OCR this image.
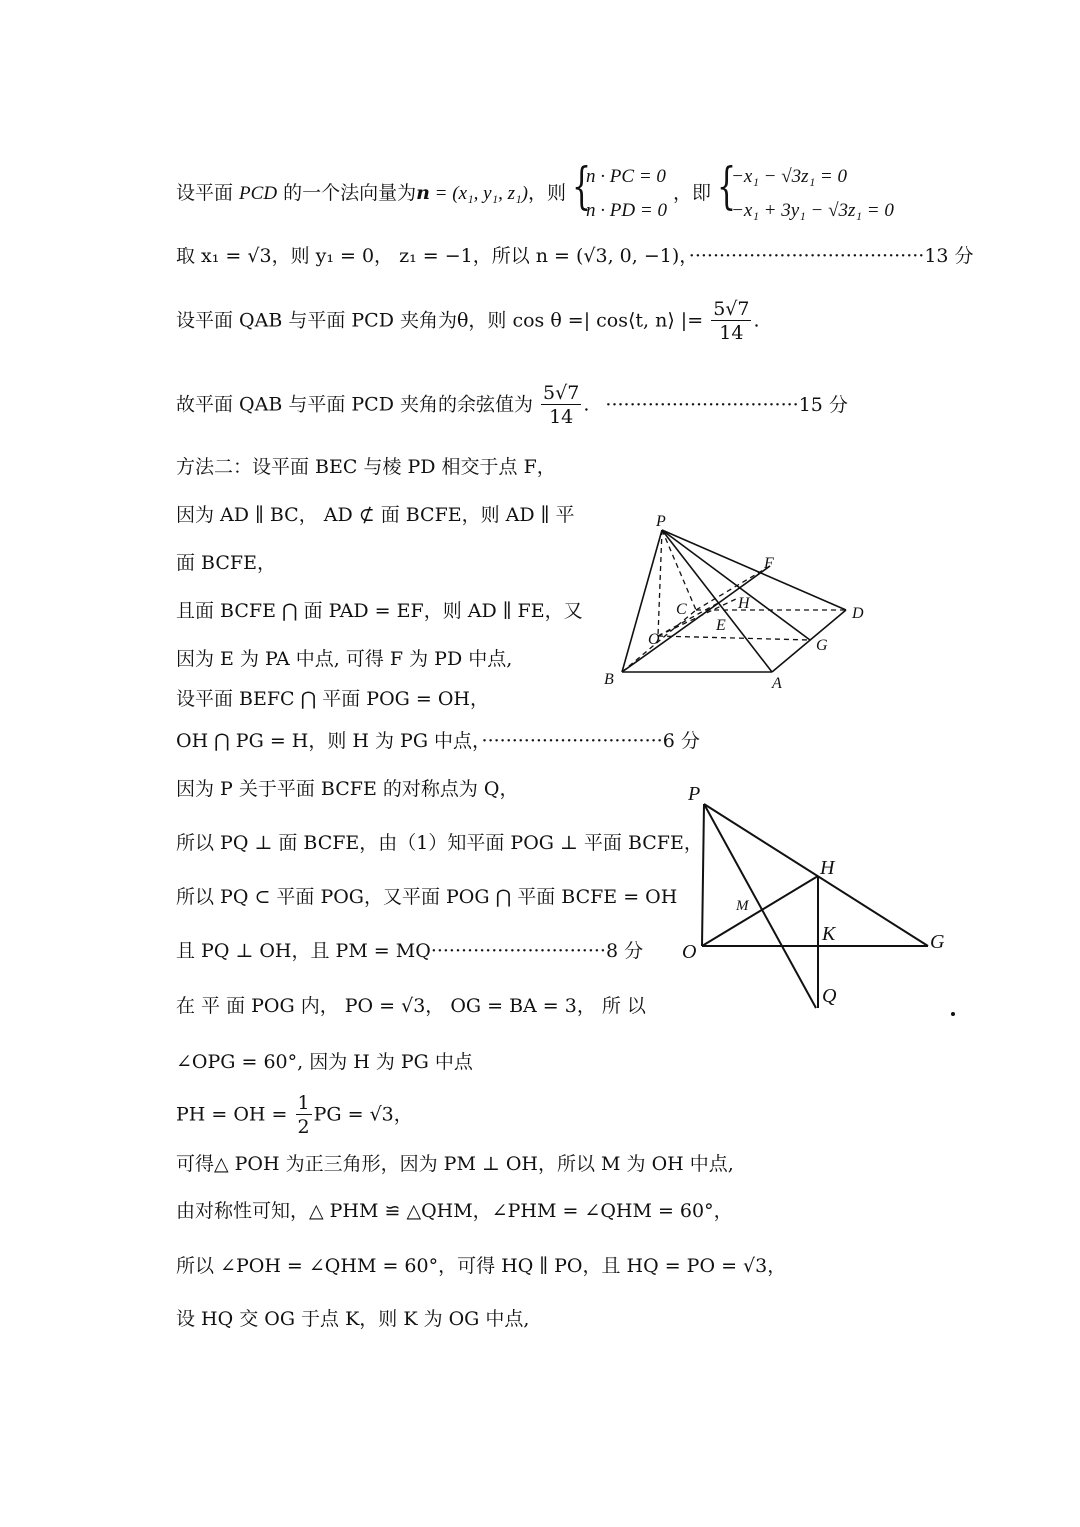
设平面 PCD 的一个法向量为n = (x₁, y₁, z₁)，则 {
n · PC = 0
n · PD = 0
，即 {
−x₁ − √3z₁ = 0
−x₁ + 3y₁ − √3z₁ = 0
取 x₁ = √3，则 y₁ = 0， z₁ = −1，所以 n = (√3, 0, −1)，·······································13 分
设平面 QAB 与平面 PCD 夹角为θ，则 cos θ =| cos⟨t, n⟩ |= $\frac{5√7}{14}$ .
故平面 QAB 与平面 PCD 夹角的余弦值为 $\frac{5√7}{14}$ . ································15 分
方法二：设平面 BEC 与棱 PD 相交于点 F，
因为 AD ∥ BC， AD ⊄ 面 BCFE，则 AD ∥ 平
面 BCFE，
且面 BCFE ⋂ 面 PAD = EF，则 AD ∥ FE，又
因为 E 为 PA 中点, 可得 F 为 PD 中点,
设平面 BEFC ⋂ 平面 POG = OH，
OH ⋂ PG = H，则 H 为 PG 中点，······························6 分
因为 P 关于平面 BCFE 的对称点为 Q，
所以 PQ ⊥ 面 BCFE，由（1）知平面 POG ⊥ 平面 BCFE，
所以 PQ ⊂ 平面 POG，又平面 POG ⋂ 平面 BCFE = OH
且 PQ ⊥ OH，且 PM = MQ·····························8 分
在 平 面 POG 内， PO = √3， OG = BA = 3， 所 以
∠OPG = 60°, 因为 H 为 PG 中点
PH = OH = $\frac{1}{2}$ PG = √3，
可得△ POH 为正三角形，因为 PM ⊥ OH，所以 M 为 OH 中点,
由对称性可知，△ PHM ≌ △QHM，∠PHM = ∠QHM = 60°，
所以 ∠POH = ∠QHM = 60°，可得 HQ ∥ PO，且 HQ = PO = √3，
设 HQ 交 OG 于点 K，则 K 为 OG 中点,
P
F
H
C	D
O
E
G
B	A
P
H
M
K
O	G
Q
